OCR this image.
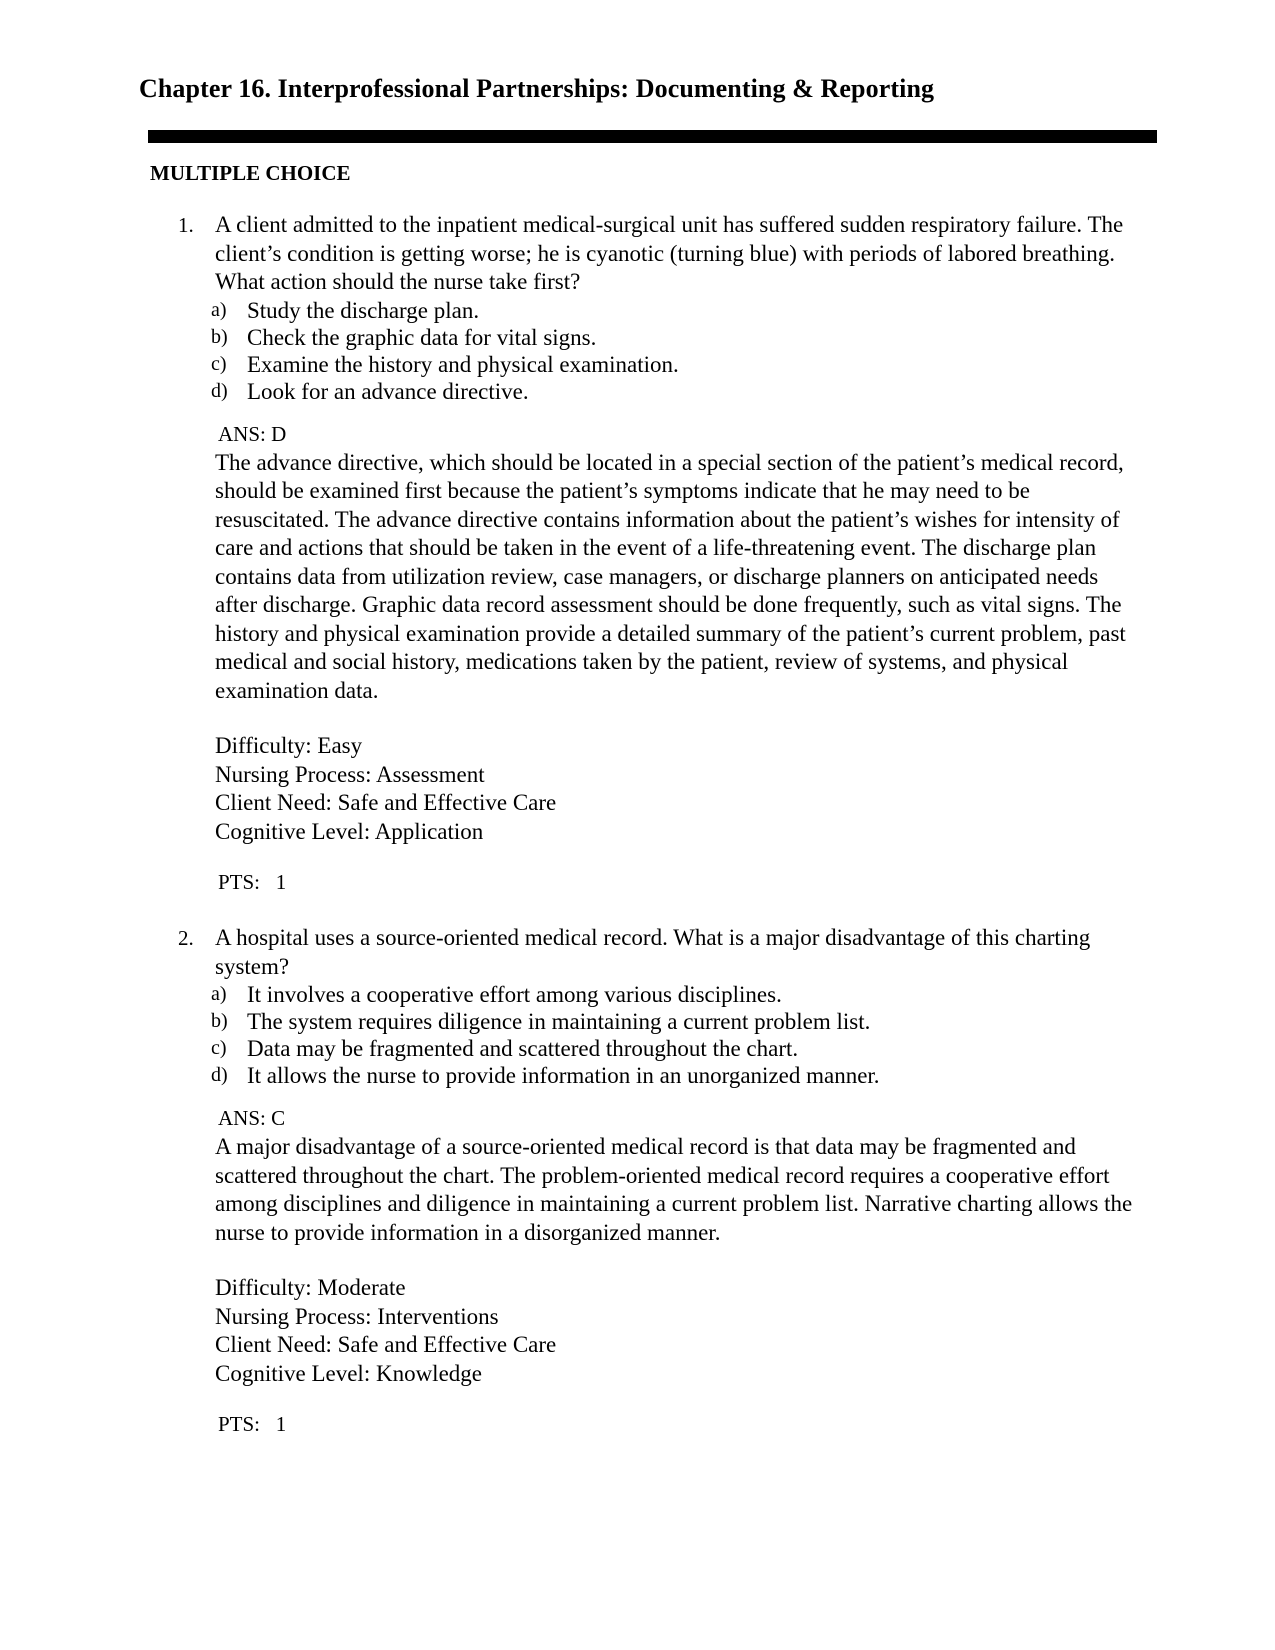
Chapter 16. Interprofessional Partnerships: Documenting & Reporting
MULTIPLE CHOICE
1. A client admitted to the inpatient medical-surgical unit has suffered sudden respiratory failure. The client’s condition is getting worse; he is cyanotic (turning blue) with periods of labored breathing. What action should the nurse take first?
a) Study the discharge plan.
b) Check the graphic data for vital signs.
c) Examine the history and physical examination.
d) Look for an advance directive.
ANS: D
The advance directive, which should be located in a special section of the patient’s medical record, should be examined first because the patient’s symptoms indicate that he may need to be resuscitated. The advance directive contains information about the patient’s wishes for intensity of care and actions that should be taken in the event of a life-threatening event. The discharge plan contains data from utilization review, case managers, or discharge planners on anticipated needs after discharge. Graphic data record assessment should be done frequently, such as vital signs. The history and physical examination provide a detailed summary of the patient’s current problem, past medical and social history, medications taken by the patient, review of systems, and physical examination data.
Difficulty: Easy
Nursing Process: Assessment
Client Need: Safe and Effective Care
Cognitive Level: Application
PTS:   1
2. A hospital uses a source-oriented medical record. What is a major disadvantage of this charting system?
a) It involves a cooperative effort among various disciplines.
b) The system requires diligence in maintaining a current problem list.
c) Data may be fragmented and scattered throughout the chart.
d) It allows the nurse to provide information in an unorganized manner.
ANS: C
A major disadvantage of a source-oriented medical record is that data may be fragmented and scattered throughout the chart. The problem-oriented medical record requires a cooperative effort among disciplines and diligence in maintaining a current problem list. Narrative charting allows the nurse to provide information in a disorganized manner.
Difficulty: Moderate
Nursing Process: Interventions
Client Need: Safe and Effective Care
Cognitive Level: Knowledge
PTS:   1
